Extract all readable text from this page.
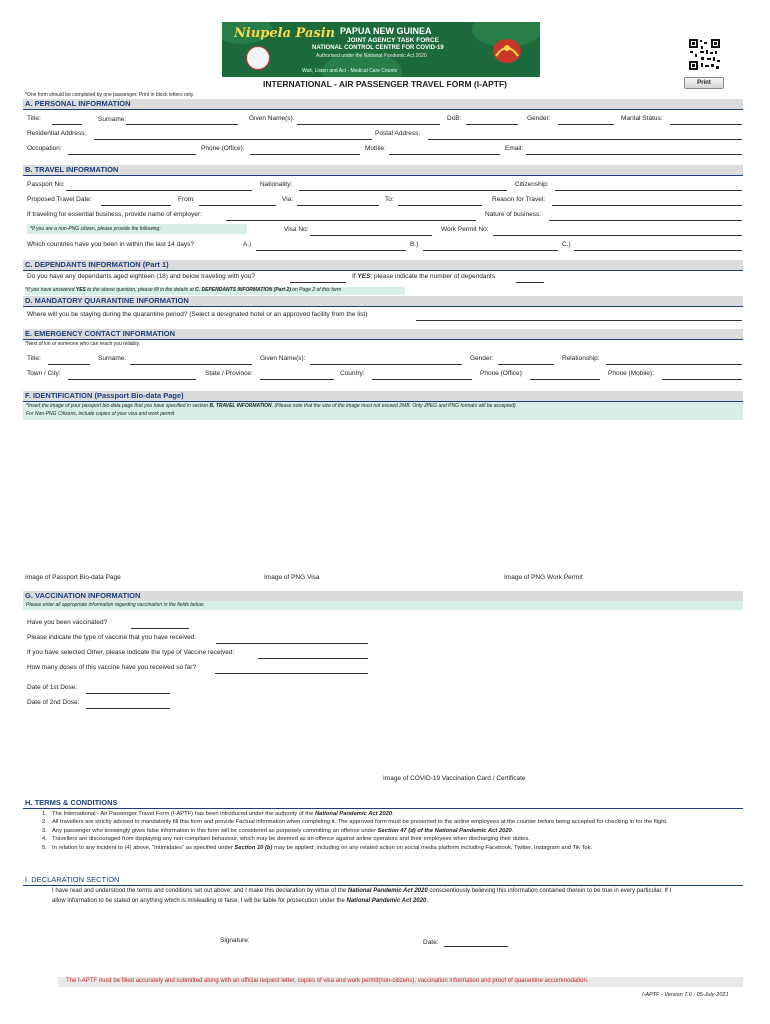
Niupela Pasin PAPUA NEW GUINEA
JOINT AGENCY TASK FORCE
NATIONAL CONTROL CENTRE FOR COVID-19
Authorised under the National Pandemic Act 2020
Wait, Listen and Act - Medical Care Counts
Print
INTERNATIONAL - AIR PASSENGER TRAVEL FORM (I-APTF)
*One form should be completed by one passenger. Print in block letters only.
A. PERSONAL INFORMATION
Title:	Surname:	Given Name(s):	DoB:	Gender:	Marital Status:
Residential Address:	Postal Address:
Occupation:	Phone (Office):	Mobile:	Email:
B. TRAVEL INFORMATION
Passport No:	Nationality:	Citizenship:
Proposed Travel Date:	From:	Via:	To:	Reason for Travel:
If traveling for essential business, provide name of employer:	Nature of business:
*If you are a non-PNG citizen, please provide the following:	Visa No:	Work Permit No:
Which countries have you been in within the last 14 days?	A.)	B.)	C.)
C. DEPENDANTS INFORMATION (Part 1)
Do you have any dependants aged eighteen (18) and below traveling with you?	If YES; please indicate the number of dependants
*If you have answered YES to the above question, please fill in the details at C. DEPENDANTS INFORMATION (Part 2) on Page 2 of this form
D. MANDATORY QUARANTINE INFORMATION
Where will you be staying during the quarantine period? (Select a designated hotel or an approved facility from the list)
E. EMERGENCY CONTACT INFORMATION
*Next of kin or someone who can reach you reliably.
Title:	Surname:	Given Name(s):	Gender:	Relationship:
Town / City:	State / Province:	Country:	Phone (Office):	Phone (Mobile):
F. IDENTIFICATION (Passport Bio-data Page)
*Insert the image of your passport bio-data page that you have specified in section B. TRAVEL INFORMATION. (Please note that the size of the image must not exceed 2MB. Only JPEG and PNG formats will be accepted)
For Non-PNG Citizens, include copies of your visa and work permit
Image of Passport Bio-data Page	Image of PNG Visa	Image of PNG Work Permit
G. VACCINATION INFORMATION
Please enter all appropriate information regarding vaccination in the fields below.
Have you been vaccinated?
Please indicate the type of vaccine that you have received:
If you have selected Other, please indicate the type of Vaccine received:
How many doses of this vaccine have you received so far?
Date of 1st Dose:
Date of 2nd Dose:
Image of COVID-19 Vaccination Card / Certificate
H. TERMS & CONDITIONS
1. The International - Air Passenger Travel Form (I-APTF) has been introduced under the authority of the National Pandemic Act 2020.
2. All travellers are strictly advised to mandatorily fill this form and provide Factual information when completing it. The approved form must be presented to the airline employees at the counter before being accepted for checking in for the flight.
3. Any passenger who knowingly gives false information in this form will be considered as purposely committing an offence under Section 47 (d) of the National Pandemic Act 2020.
4. Travellers are discouraged from displaying any non-compliant behaviour, which may be deemed as an offence against airline operators and their employees when discharging their duties.
5. In relation to any incident to (4) above, “Intimidates” as specified under Section 10 (b) may be applied; including on any related action on social media platform including Facebook, Twitter, Instagram and Tik Tok.
I. DECLARATION SECTION
I have read and understood the terms and conditions set out above; and I make this declaration by virtue of the National Pandemic Act 2020 conscientiously believing this information contained therein to be true in every particular. If I allow information to be stated on anything which is misleading or false, I will be liable for prosecution under the National Pandemic Act 2020.
Signature:	Date:
The I-APTF must be filled accurately and submitted along with an official request letter, copies of visa and work permit(non-citizens), vaccination information and proof of quarantine accommodation.
I-APTF - Version 7.0 - 05-July-2021
